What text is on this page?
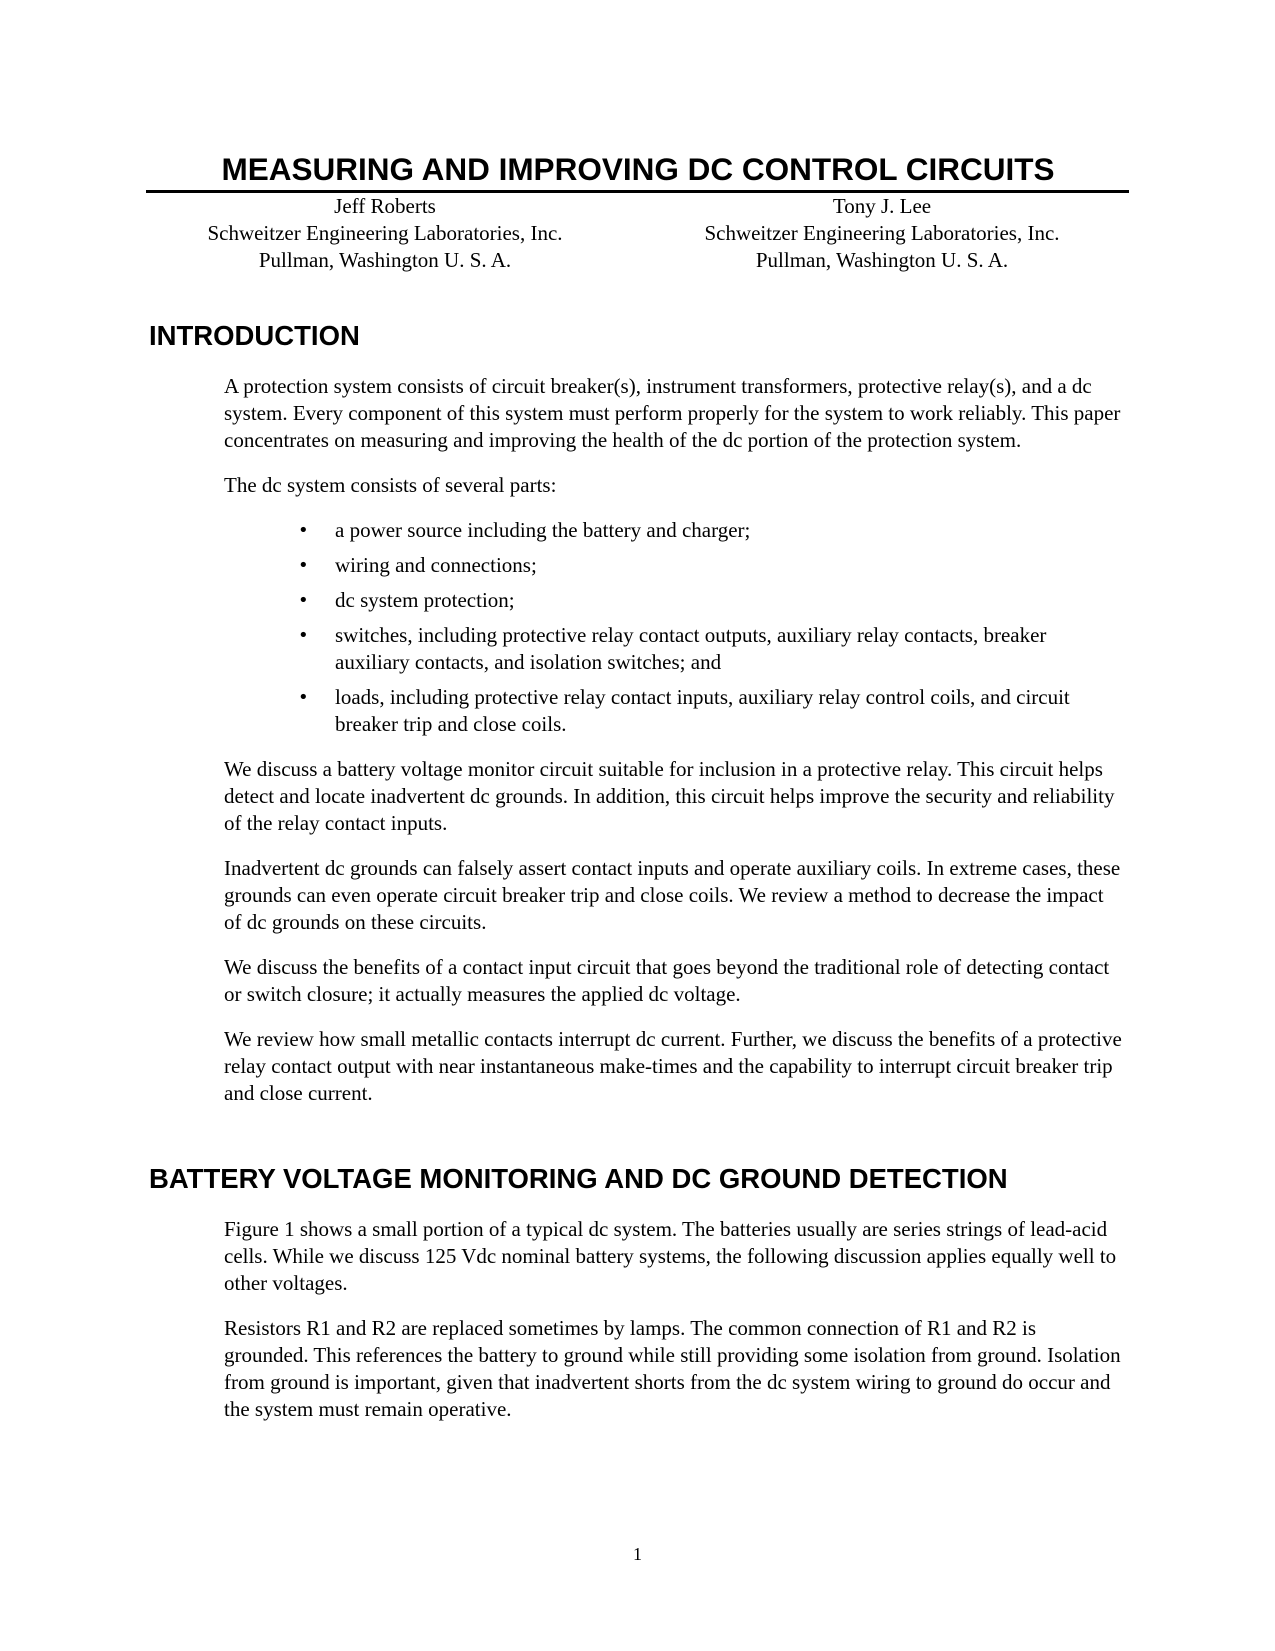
MEASURING AND IMPROVING DC CONTROL CIRCUITS
Jeff Roberts
Schweitzer Engineering Laboratories, Inc.
Pullman, Washington U. S. A.
Tony J. Lee
Schweitzer Engineering Laboratories, Inc.
Pullman, Washington U. S. A.
INTRODUCTION

A protection system consists of circuit breaker(s), instrument transformers, protective relay(s), and a dc system. Every component of this system must perform properly for the system to work reliably. This paper concentrates on measuring and improving the health of the dc portion of the protection system.

The dc system consists of several parts:

• a power source including the battery and charger;
• wiring and connections;
• dc system protection;
• switches, including protective relay contact outputs, auxiliary relay contacts, breaker auxiliary contacts, and isolation switches; and
• loads, including protective relay contact inputs, auxiliary relay control coils, and circuit breaker trip and close coils.

We discuss a battery voltage monitor circuit suitable for inclusion in a protective relay. This circuit helps detect and locate inadvertent dc grounds. In addition, this circuit helps improve the security and reliability of the relay contact inputs.

Inadvertent dc grounds can falsely assert contact inputs and operate auxiliary coils. In extreme cases, these grounds can even operate circuit breaker trip and close coils. We review a method to decrease the impact of dc grounds on these circuits.

We discuss the benefits of a contact input circuit that goes beyond the traditional role of detecting contact or switch closure; it actually measures the applied dc voltage.

We review how small metallic contacts interrupt dc current. Further, we discuss the benefits of a protective relay contact output with near instantaneous make-times and the capability to interrupt circuit breaker trip and close current.

BATTERY VOLTAGE MONITORING AND DC GROUND DETECTION

Figure 1 shows a small portion of a typical dc system. The batteries usually are series strings of lead-acid cells. While we discuss 125 Vdc nominal battery systems, the following discussion applies equally well to other voltages.

Resistors R1 and R2 are replaced sometimes by lamps. The common connection of R1 and R2 is grounded. This references the battery to ground while still providing some isolation from ground. Isolation from ground is important, given that inadvertent shorts from the dc system wiring to ground do occur and the system must remain operative.

1
